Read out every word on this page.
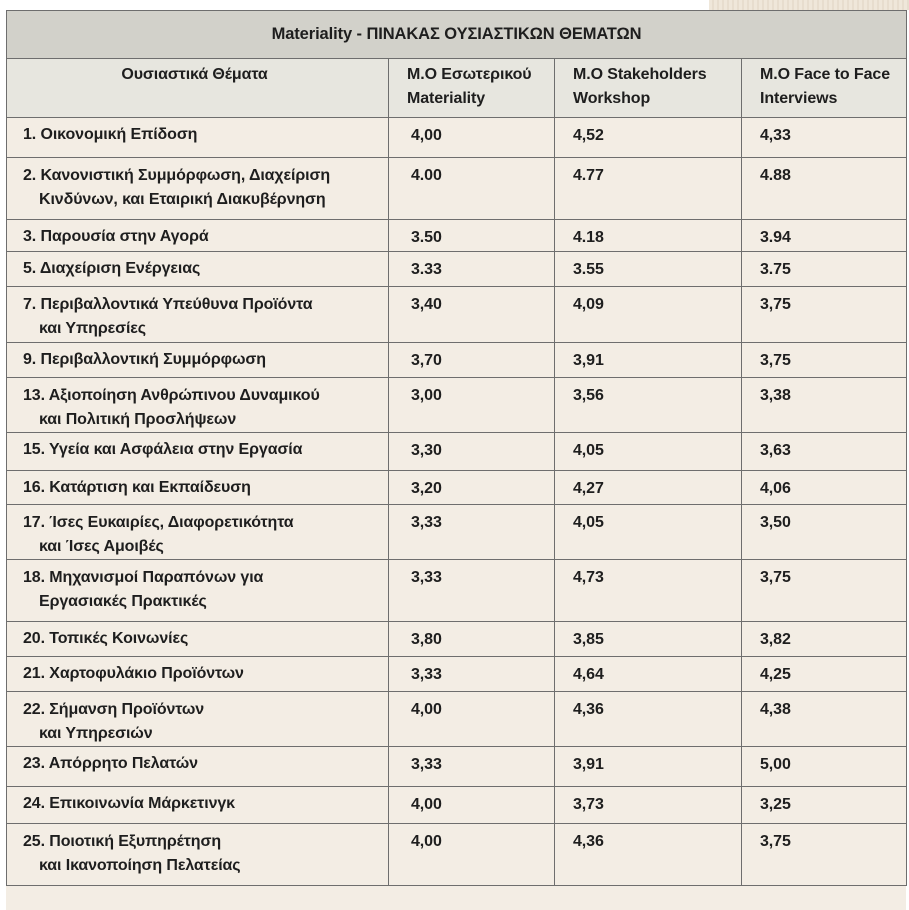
Materiality - ΠΙΝΑΚΑΣ ΟΥΣΙΑΣΤΙΚΩΝ ΘΕΜΑΤΩΝ			
Ουσιαστικά Θέματα	Μ.Ο Εσωτερικού Materiality	Μ.Ο Stakeholders Workshop	Μ.Ο Face to Face Interviews

1. Οικονομική Επίδοση	4,00	4,52	4,33

2. Κανονιστική Συμμόρφωση, Διαχείριση
Κινδύνων, και Εταιρική Διακυβέρνηση	4.00	4.77	4.88

3. Παρουσία στην Αγορά	3.50	4.18	3.94

5. Διαχείριση Ενέργειας	3.33	3.55	3.75

7. Περιβαλλοντικά Υπεύθυνα Προϊόντα
και Υπηρεσίες	3,40	4,09	3,75

9. Περιβαλλοντική Συμμόρφωση	3,70	3,91	3,75

13. Αξιοποίηση Ανθρώπινου Δυναμικού
και Πολιτική Προσλήψεων	3,00	3,56	3,38

15. Υγεία και Ασφάλεια στην Εργασία	3,30	4,05	3,63

16. Κατάρτιση και Εκπαίδευση	3,20	4,27	4,06

17. Ίσες Ευκαιρίες, Διαφορετικότητα
και Ίσες Αμοιβές	3,33	4,05	3,50

18. Μηχανισμοί Παραπόνων για
Εργασιακές Πρακτικές	3,33	4,73	3,75

20. Τοπικές Κοινωνίες	3,80	3,85	3,82

21. Χαρτοφυλάκιο Προϊόντων	3,33	4,64	4,25

22. Σήμανση Προϊόντων
και Υπηρεσιών	4,00	4,36	4,38

23. Απόρρητο Πελατών	3,33	3,91	5,00

24. Επικοινωνία Μάρκετινγκ	4,00	3,73	3,25

25. Ποιοτική Εξυπηρέτηση
και Ικανοποίηση Πελατείας	4,00	4,36	3,75
